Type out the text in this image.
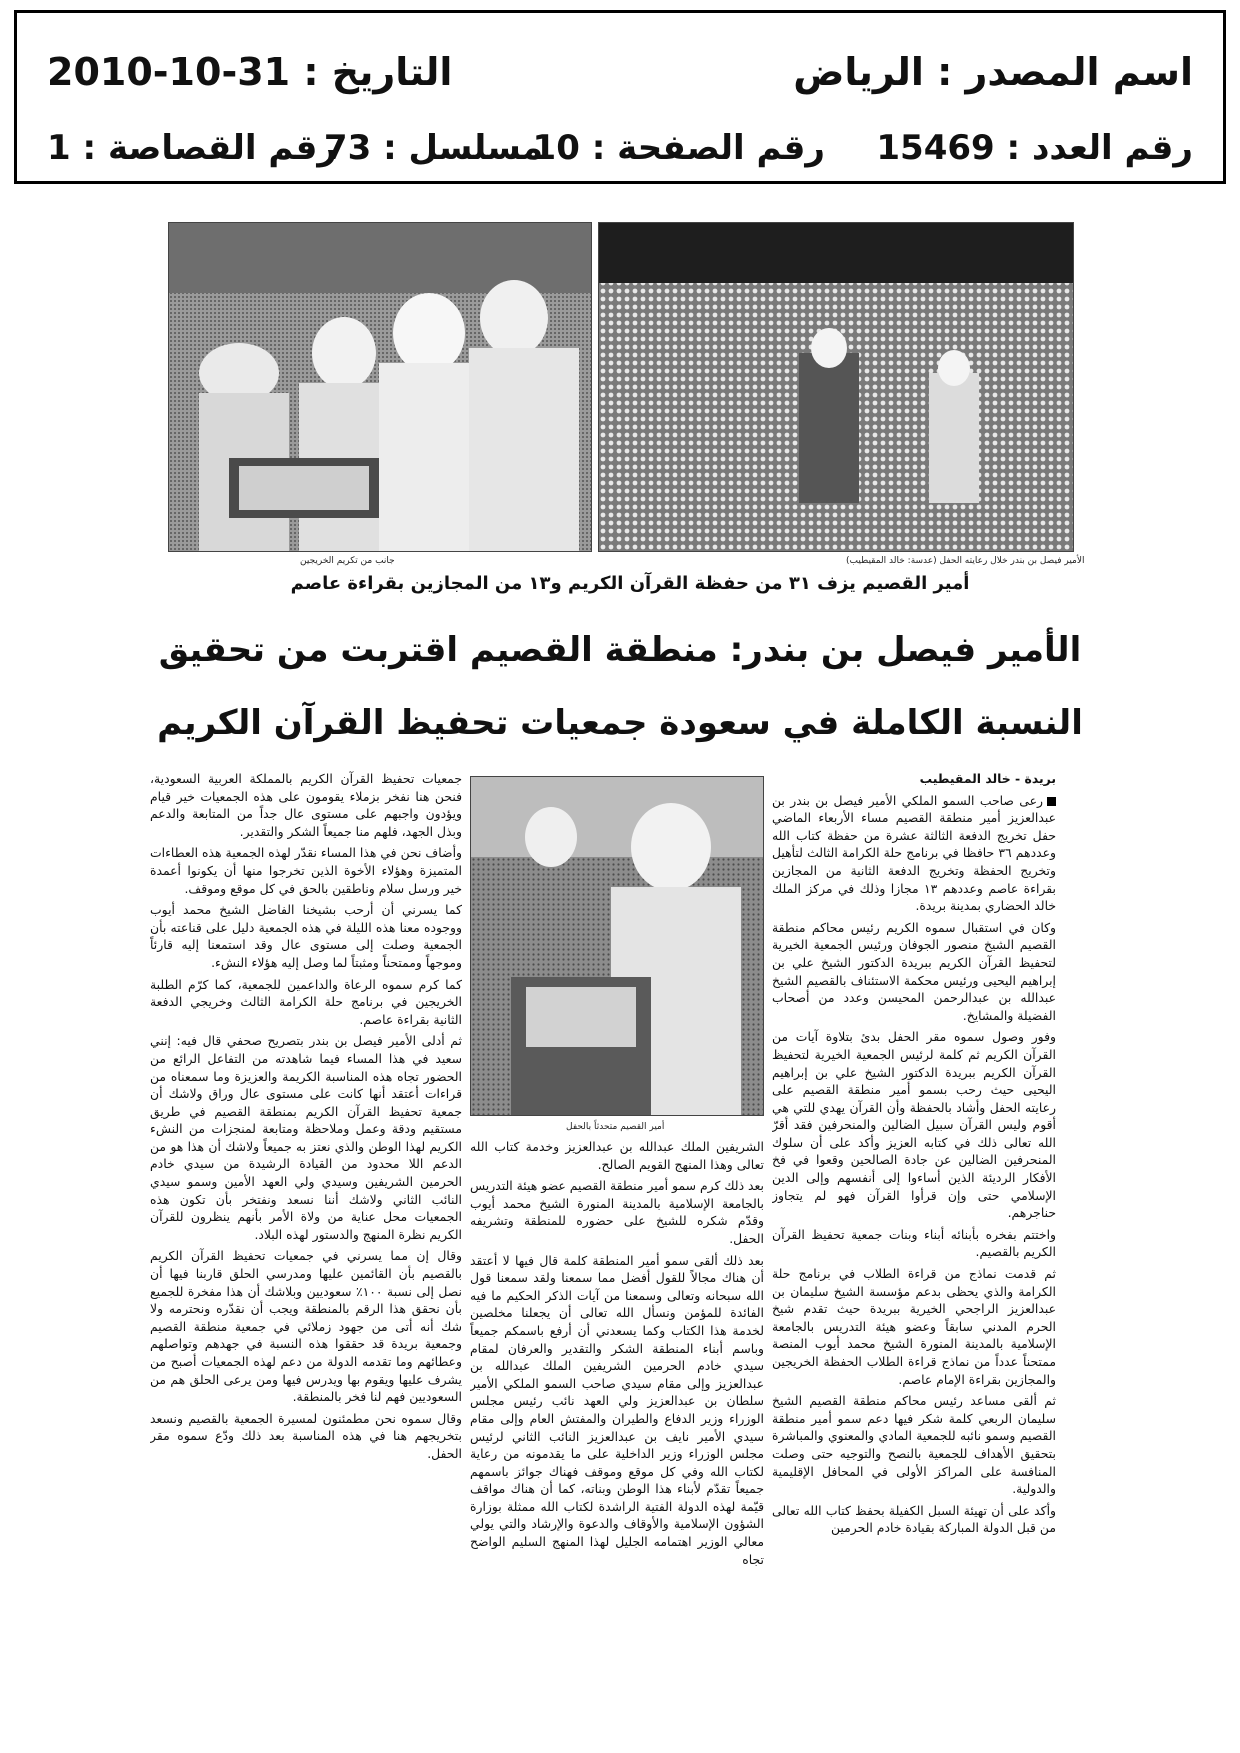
اسم المصدر : الرياض
التاريخ : 31-10-2010
رقم العدد : 15469
رقم الصفحة : 10
مسلسل : 73
رقم القصاصة : 1
جانب من تكريم الخريجين	الأمير فيصل بن بندر خلال رعايته الحفل (عدسة: خالد المقيطيب)
أمير القصيم يزف ٣١ من حفظة القرآن الكريم و١٣ من المجازين بقراءة عاصم
الأمير فيصل بن بندر: منطقة القصيم اقتربت من تحقيق
النسبة الكاملة في سعودة جمعيات تحفيظ القرآن الكريم
بريدة - خالد المقيطيب

رعى صاحب السمو الملكي الأمير فيصل بن بندر بن عبدالعزيز أمير منطقة القصيم مساء الأربعاء الماضي حفل تخريج الدفعة الثالثة عشرة من حفظة كتاب الله وعددهم ٣٦ حافظا في برنامج حلة الكرامة الثالث لتأهيل وتخريج الحفظة وتخريج الدفعة الثانية من المجازين بقراءة عاصم وعددهم ١٣ مجازا وذلك في مركز الملك خالد الحضاري بمدينة بريدة.

وكان في استقبال سموه الكريم رئيس محاكم منطقة القصيم الشيخ منصور الجوفان ورئيس الجمعية الخيرية لتحفيظ القرآن الكريم ببريدة الدكتور الشيخ علي بن إبراهيم اليحيى ورئيس محكمة الاستئناف بالقصيم الشيخ عبدالله بن عبدالرحمن المحيسن وعدد من أصحاب الفضيلة والمشايخ.

وفور وصول سموه مقر الحفل بدئ بتلاوة آيات من القرآن الكريم ثم كلمة لرئيس الجمعية الخيرية لتحفيظ القرآن الكريم ببريدة الدكتور الشيخ علي بن إبراهيم اليحيى حيث رحب بسمو أمير منطقة القصيم على رعايته الحفل وأشاد بالحفظة وأن القرآن يهدي للتي هي أقوم وليس القرآن سبيل الضالين والمنحرفين فقد أقرّ الله تعالى ذلك في كتابه العزيز وأكد على أن سلوك المنحرفين الضالين عن جادة الصالحين وقعوا في فخ الأفكار الرديئة الذين أساءوا إلى أنفسهم وإلى الدين الإسلامي حتى وإن قرأوا القرآن فهو لم يتجاوز حناجرهم.

واختتم بفخره بأبنائه أبناء وبنات جمعية تحفيظ القرآن الكريم بالقصيم.

ثم قدمت نماذج من قراءة الطلاب في برنامج حلة الكرامة والذي يحظى بدعم مؤسسة الشيخ سليمان بن عبدالعزيز الراجحي الخيرية ببريدة حيث تقدم شيخ الحرم المدني سابقاً وعضو هيئة التدريس بالجامعة الإسلامية بالمدينة المنورة الشيخ محمد أيوب المنصة ممتحناً عدداً من نماذج قراءة الطلاب الحفظة الخريجين والمجازين بقراءة الإمام عاصم.

ثم ألقى مساعد رئيس محاكم منطقة القصيم الشيخ سليمان الربعي كلمة شكر فيها دعم سمو أمير منطقة القصيم وسمو نائبه للجمعية المادي والمعنوي والمباشرة بتحقيق الأهداف للجمعية بالنصح والتوجيه حتى وصلت المنافسة على المراكز الأولى في المحافل الإقليمية والدولية.

وأكد على أن تهيئة السبل الكفيلة بحفظ كتاب الله تعالى من قبل الدولة المباركة بقيادة خادم الحرمين

أمير القصيم متحدثاً بالحفل

الشريفين الملك عبدالله بن عبدالعزيز وخدمة كتاب الله تعالى وهذا المنهج القويم الصالح.

بعد ذلك كرم سمو أمير منطقة القصيم عضو هيئة التدريس بالجامعة الإسلامية بالمدينة المنورة الشيخ محمد أيوب وقدّم شكره للشيخ على حضوره للمنطقة وتشريفه الحفل.

بعد ذلك ألقى سمو أمير المنطقة كلمة قال فيها لا أعتقد أن هناك مجالاً للقول أفضل مما سمعنا ولقد سمعنا قول الله سبحانه وتعالى وسمعنا من آيات الذكر الحكيم ما فيه الفائدة للمؤمن ونسأل الله تعالى أن يجعلنا مخلصين لخدمة هذا الكتاب وكما يسعدني أن أرفع باسمكم جميعاً وباسم أبناء المنطقة الشكر والتقدير والعرفان لمقام سيدي خادم الحرمين الشريفين الملك عبدالله بن عبدالعزيز وإلى مقام سيدي صاحب السمو الملكي الأمير سلطان بن عبدالعزيز ولي العهد نائب رئيس مجلس الوزراء وزير الدفاع والطيران والمفتش العام وإلى مقام سيدي الأمير نايف بن عبدالعزيز النائب الثاني لرئيس مجلس الوزراء وزير الداخلية على ما يقدمونه من رعاية لكتاب الله وفي كل موقع وموقف فهناك جوائز باسمهم جميعاً تقدّم لأبناء هذا الوطن وبناته، كما أن هناك مواقف قيّمة لهذه الدولة الفتية الراشدة لكتاب الله ممثلة بوزارة الشؤون الإسلامية والأوقاف والدعوة والإرشاد والتي يولي معالي الوزير اهتمامه الجليل لهذا المنهج السليم الواضح تجاه

جمعيات تحفيظ القرآن الكريم بالمملكة العربية السعودية، فنحن هنا نفخر بزملاء يقومون على هذه الجمعيات خير قيام ويؤدون واجبهم على مستوى عال جداً من المتابعة والدعم وبذل الجهد، فلهم منا جميعاً الشكر والتقدير.

وأضاف نحن في هذا المساء نقدّر لهذه الجمعية هذه العطاءات المتميزة وهؤلاء الأخوة الذين تخرجوا منها أن يكونوا أعمدة خير ورسل سلام وناطقين بالحق في كل موقع وموقف.

كما يسرني أن أرحب بشيخنا الفاضل الشيخ محمد أيوب ووجوده معنا هذه الليلة في هذه الجمعية دليل على قناعته بأن الجمعية وصلت إلى مستوى عال وقد استمعنا إليه قارئاً وموجهاً وممتحناً ومثبتاً لما وصل إليه هؤلاء النشء.

كما كرم سموه الرعاة والداعمين للجمعية، كما كرّم الطلبة الخريجين في برنامج حلة الكرامة الثالث وخريجي الدفعة الثانية بقراءة عاصم.

ثم أدلى الأمير فيصل بن بندر بتصريح صحفي قال فيه: إنني سعيد في هذا المساء فيما شاهدته من التفاعل الرائع من الحضور تجاه هذه المناسبة الكريمة والعزيزة وما سمعناه من قراءات أعتقد أنها كانت على مستوى عال وراق ولاشك أن جمعية تحفيظ القرآن الكريم بمنطقة القصيم في طريق مستقيم ودقة وعمل وملاحظة ومتابعة لمنجزات من النشء الكريم لهذا الوطن والذي نعتز به جميعاً ولاشك أن هذا هو من الدعم اللا محدود من القيادة الرشيدة من سيدي خادم الحرمين الشريفين وسيدي ولي العهد الأمين وسمو سيدي النائب الثاني ولاشك أننا نسعد ونفتخر بأن تكون هذه الجمعيات محل عناية من ولاة الأمر بأنهم ينظرون للقرآن الكريم نظرة المنهج والدستور لهذه البلاد.

وقال إن مما يسرني في جمعيات تحفيظ القرآن الكريم بالقصيم بأن القائمين عليها ومدرسي الحلق قاربنا فيها أن نصل إلى نسبة ١٠٠٪ سعوديين وبلاشك أن هذا مفخرة للجميع بأن نحقق هذا الرقم بالمنطقة ويجب أن نقدّره ونحترمه ولا شك أنه أتى من جهود زملائي في جمعية منطقة القصيم وجمعية بريدة قد حققوا هذه النسبة في جهدهم وتواصلهم وعطائهم وما تقدمه الدولة من دعم لهذه الجمعيات أصبح من يشرف عليها ويقوم بها ويدرس فيها ومن يرعى الحلق هم من السعوديين فهم لنا فخر بالمنطقة.

وقال سموه نحن مطمئنون لمسيرة الجمعية بالقصيم ونسعد بتخريجهم هنا في هذه المناسبة بعد ذلك ودّع سموه مقر الحفل.
